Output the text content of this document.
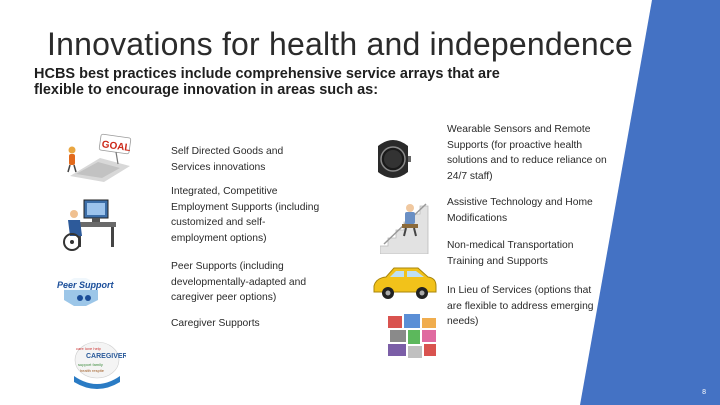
Innovations for health and independence
HCBS best practices include comprehensive service arrays that are flexible to encourage innovation in areas such as:
GOAL	Self Directed Goods and Services innovations
Integrated, Competitive Employment Supports (including customized and self-employment options)
Peer Support
Peer Supports (including developmentally-adapted and caregiver peer options)
care love help
CAREGIVER
support family
health respite
Caregiver Supports
Wearable Sensors and Remote Supports (for proactive health solutions and to reduce reliance on 24/7 staff)
Assistive Technology and Home Modifications
Non-medical Transportation Training and Supports
In Lieu of Services (options that are flexible to address emerging needs)
8
